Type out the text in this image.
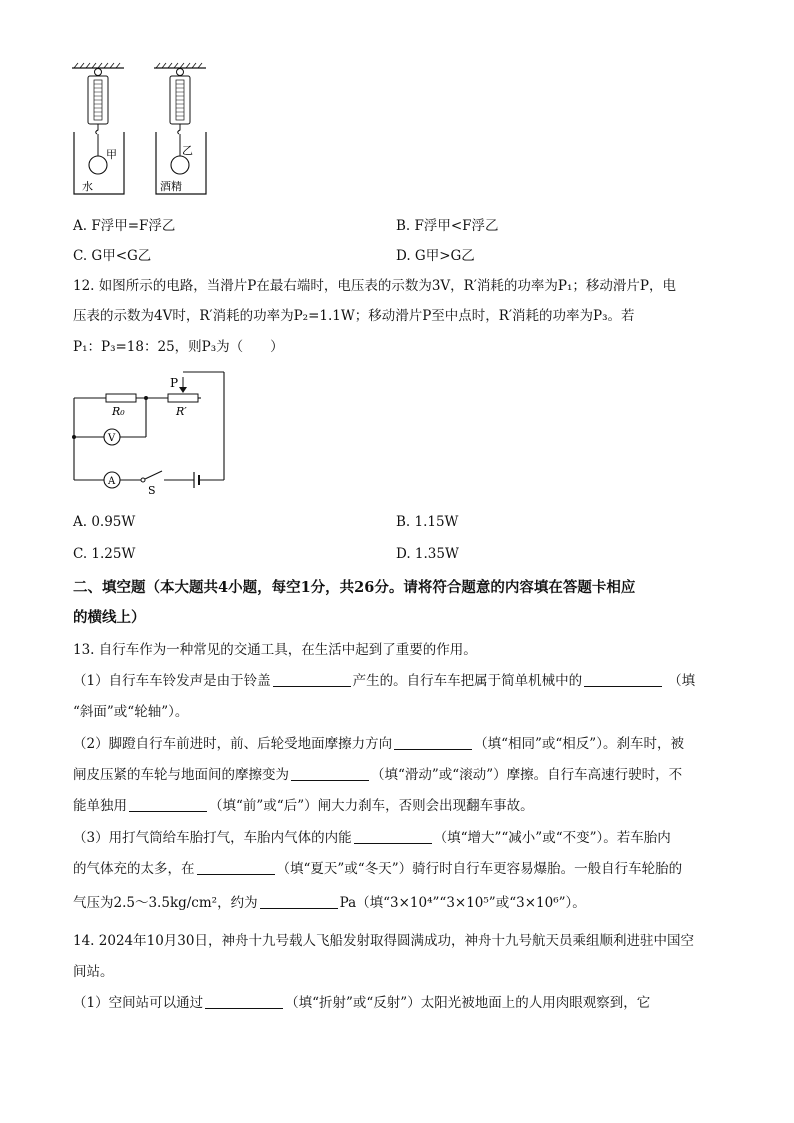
甲
水
乙
酒精
A. F浮甲=F浮乙	B. F浮甲<F浮乙
C. G甲<G乙	D. G甲>G乙
12. 如图所示的电路，当滑片P在最右端时，电压表的示数为3V，R′消耗的功率为P₁；移动滑片P，电
压表的示数为4V时，R′消耗的功率为P₂=1.1W；移动滑片P至中点时，R′消耗的功率为P₃。若
P₁：P₃=18：25，则P₃为（　　）
P
R₀	R′
V
A
S
A. 0.95W	B. 1.15W
C. 1.25W	D. 1.35W
二、填空题（本大题共4小题，每空1分，共26分。请将符合题意的内容填在答题卡相应
的横线上）
13. 自行车作为一种常见的交通工具，在生活中起到了重要的作用。
（1）自行车车铃发声是由于铃盖	产生的。自行车车把属于简单机械中的	（填
“斜面”或“轮轴”）。
（2）脚蹬自行车前进时，前、后轮受地面摩擦力方向	（填“相同”或“相反”）。刹车时，被
闸皮压紧的车轮与地面间的摩擦变为	（填“滑动”或“滚动”）摩擦。自行车高速行驶时，不
能单独用	（填“前”或“后”）闸大力刹车，否则会出现翻车事故。
（3）用打气筒给车胎打气，车胎内气体的内能	（填“增大”“减小”或“不变”）。若车胎内
的气体充的太多，在	（填“夏天”或“冬天”）骑行时自行车更容易爆胎。一般自行车轮胎的
气压为2.5～3.5kg/cm²，约为	Pa（填“3×10⁴”“3×10⁵”或“3×10⁶”）。
14. 2024年10月30日，神舟十九号载人飞船发射取得圆满成功，神舟十九号航天员乘组顺利进驻中国空
间站。
（1）空间站可以通过	（填“折射”或“反射”）太阳光被地面上的人用肉眼观察到，它
